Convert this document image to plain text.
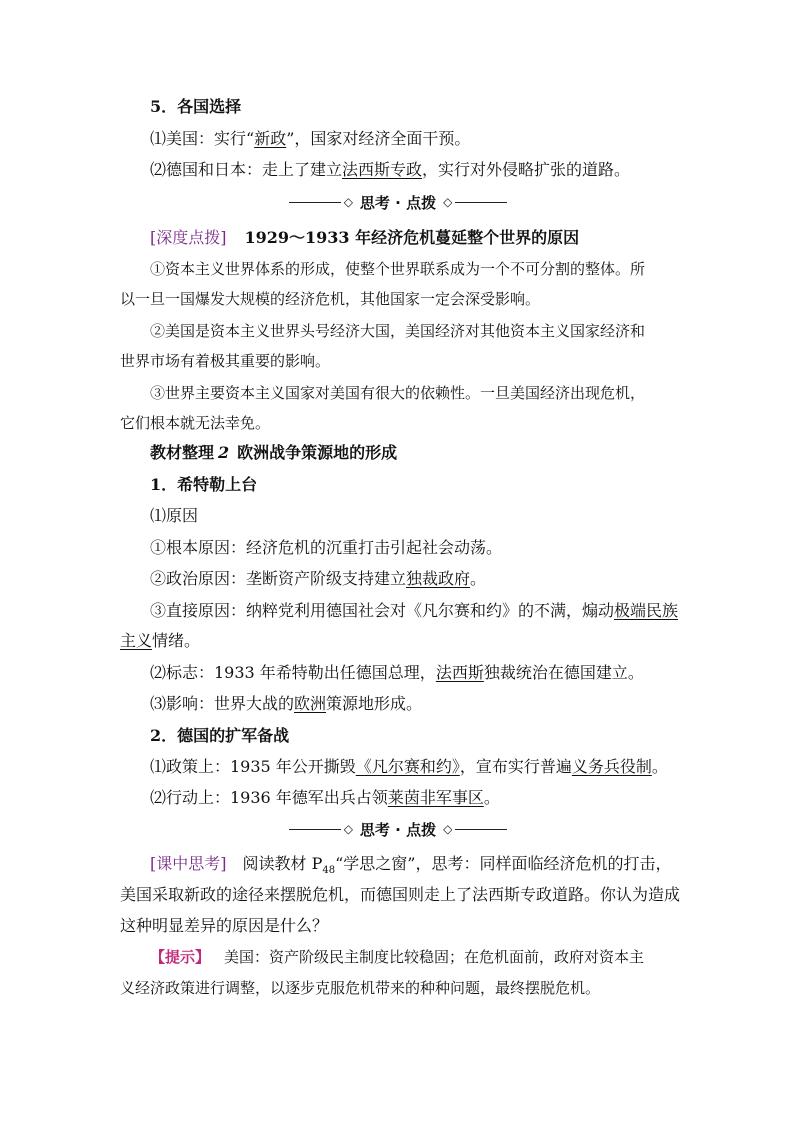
5．各国选择
⑴美国：实行“新政”，国家对经济全面干预。
⑵德国和日本：走上了建立法西斯专政，实行对外侵略扩张的道路。
◇ 思考 · 点拨 ◇
[深度点拨] 1929～1933 年经济危机蔓延整个世界的原因
①资本主义世界体系的形成，使整个世界联系成为一个不可分割的整体。所
以一旦一国爆发大规模的经济危机，其他国家一定会深受影响。
②美国是资本主义世界头号经济大国，美国经济对其他资本主义国家经济和
世界市场有着极其重要的影响。
③世界主要资本主义国家对美国有很大的依赖性。一旦美国经济出现危机，
它们根本就无法幸免。
教材整理 2 欧洲战争策源地的形成
1．希特勒上台
⑴原因
①根本原因：经济危机的沉重打击引起社会动荡。
②政治原因：垄断资产阶级支持建立独裁政府。
③直接原因：纳粹党利用德国社会对《凡尔赛和约》的不满，煽动极端民族
主义情绪。
⑵标志：1933 年希特勒出任德国总理，法西斯独裁统治在德国建立。
⑶影响：世界大战的欧洲策源地形成。
2．德国的扩军备战
⑴政策上：1935 年公开撕毁《凡尔赛和约》，宣布实行普遍义务兵役制。
⑵行动上：1936 年德军出兵占领莱茵非军事区。
◇ 思考 · 点拨 ◇
[课中思考] 阅读教材 $P_{48}“$学思之窗”，思考：同样面临经济危机的打击，
美国采取新政的途径来摆脱危机，而德国则走上了法西斯专政道路。你认为造成
这种明显差异的原因是什么？
【提示】 美国：资产阶级民主制度比较稳固；在危机面前，政府对资本主
义经济政策进行调整，以逐步克服危机带来的种种问题，最终摆脱危机。
